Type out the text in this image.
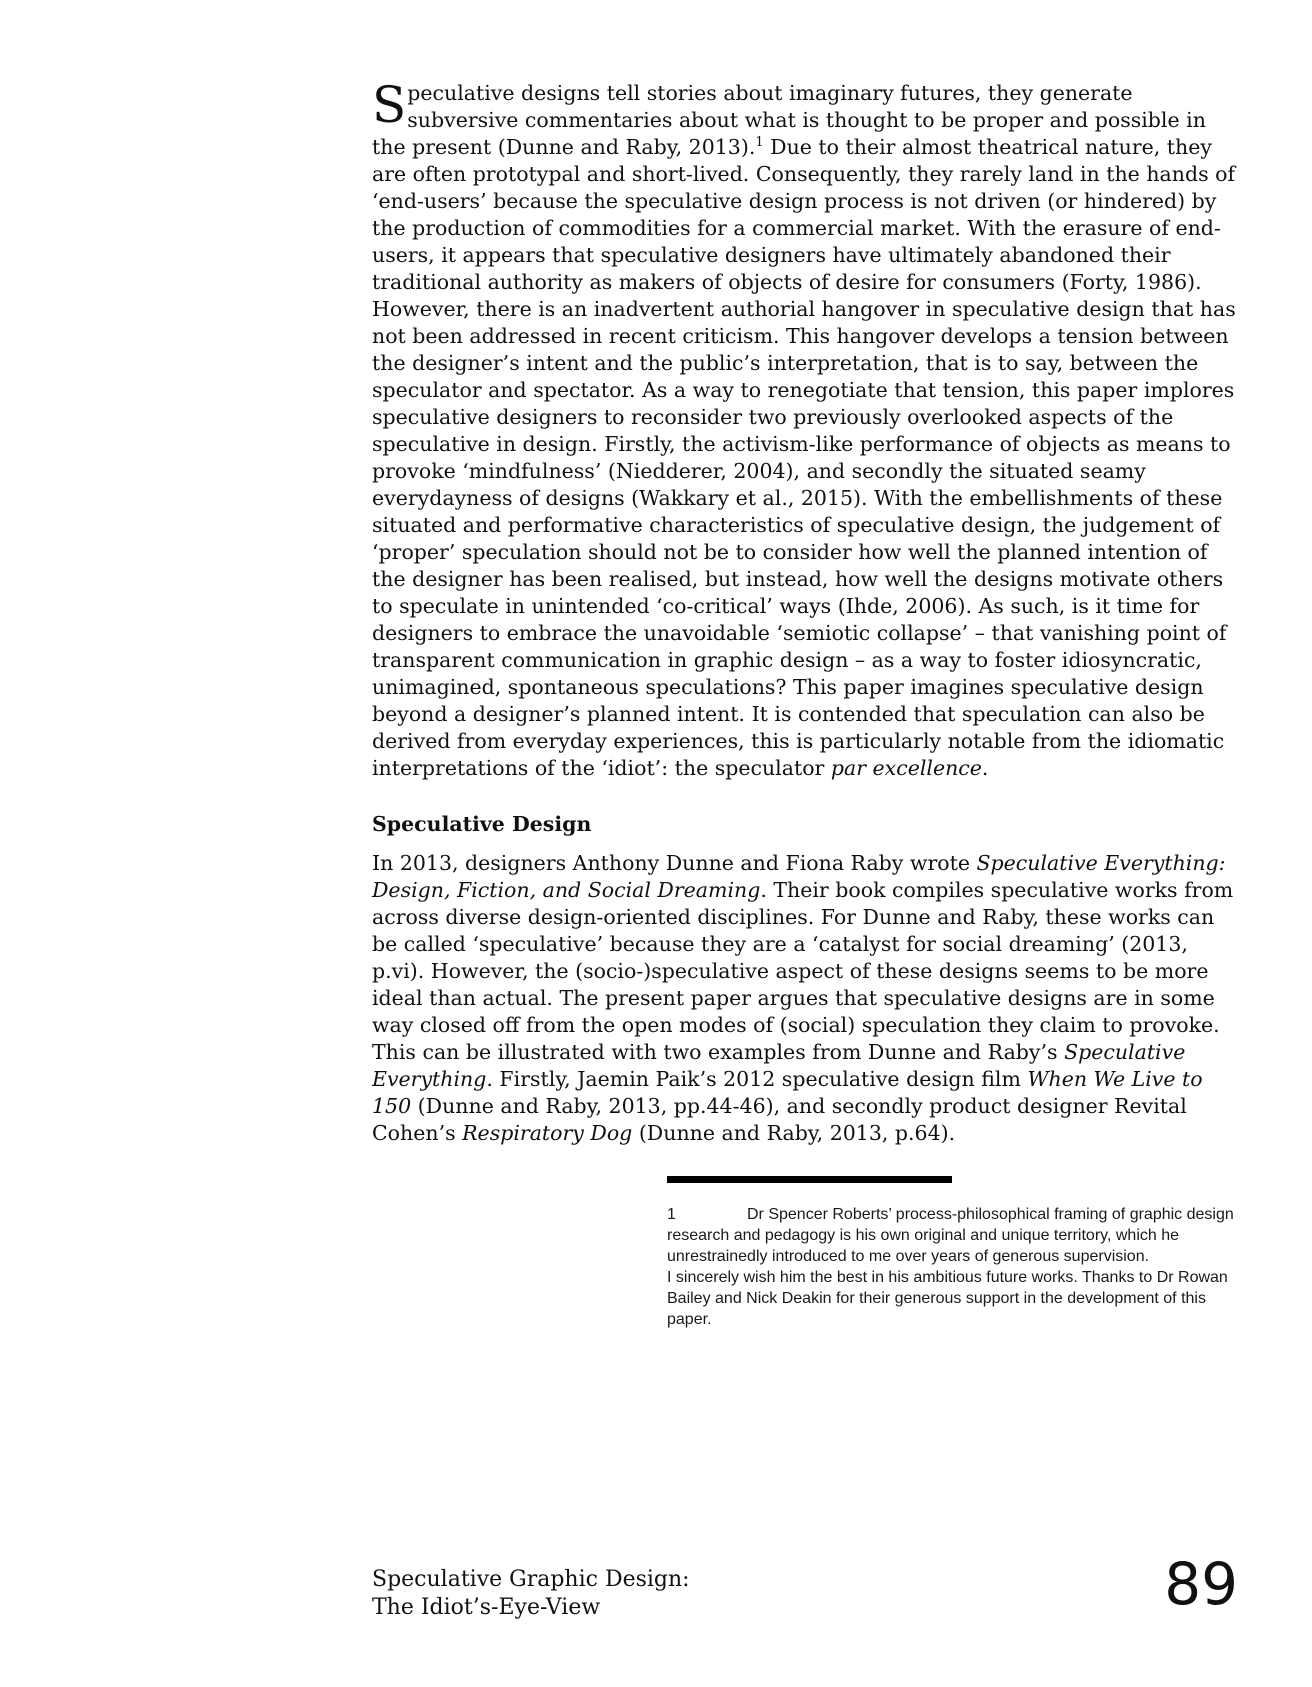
Speculative designs tell stories about imaginary futures, they generate subversive commentaries about what is thought to be proper and possible in the present (Dunne and Raby, 2013).$^1$ Due to their almost theatrical nature, they are often prototypal and short-lived. Consequently, they rarely land in the hands of ‘end-users’ because the speculative design process is not driven (or hindered) by the production of commodities for a commercial market. With the erasure of end-users, it appears that speculative designers have ultimately abandoned their traditional authority as makers of objects of desire for consumers (Forty, 1986). However, there is an inadvertent authorial hangover in speculative design that has not been addressed in recent criticism. This hangover develops a tension between the designer’s intent and the public’s interpretation, that is to say, between the speculator and spectator. As a way to renegotiate that tension, this paper implores speculative designers to reconsider two previously overlooked aspects of the speculative in design. Firstly, the activism-like performance of objects as means to provoke ‘mindfulness’ (Niedderer, 2004), and secondly the situated seamy everydayness of designs (Wakkary et al., 2015). With the embellishments of these situated and performative characteristics of speculative design, the judgement of ‘proper’ speculation should not be to consider how well the planned intention of the designer has been realised, but instead, how well the designs motivate others to speculate in unintended ‘co-critical’ ways (Ihde, 2006). As such, is it time for designers to embrace the unavoidable ‘semiotic collapse’ – that vanishing point of transparent communication in graphic design – as a way to foster idiosyncratic, unimagined, spontaneous speculations? This paper imagines speculative design beyond a designer’s planned intent. It is contended that speculation can also be derived from everyday experiences, this is particularly notable from the idiomatic interpretations of the ‘idiot’: the speculator par excellence.

Speculative Design

In 2013, designers Anthony Dunne and Fiona Raby wrote Speculative Everything: Design, Fiction, and Social Dreaming. Their book compiles speculative works from across diverse design-oriented disciplines. For Dunne and Raby, these works can be called ‘speculative’ because they are a ‘catalyst for social dreaming’ (2013, p.vi). However, the (socio-)speculative aspect of these designs seems to be more ideal than actual. The present paper argues that speculative designs are in some way closed off from the open modes of (social) speculation they claim to provoke. This can be illustrated with two examples from Dunne and Raby’s Speculative Everything. Firstly, Jaemin Paik’s 2012 speculative design film When We Live to 150 (Dunne and Raby, 2013, pp.44-46), and secondly product designer Revital Cohen’s Respiratory Dog (Dunne and Raby, 2013, p.64).

1	Dr Spencer Roberts’ process-philosophical framing of graphic design research and pedagogy is his own original and unique territory, which he unrestrainedly introduced to me over years of generous supervision.
I sincerely wish him the best in his ambitious future works. Thanks to Dr Rowan Bailey and Nick Deakin for their generous support in the development of this paper.
Speculative Graphic Design:
The Idiot’s-Eye-View	89
